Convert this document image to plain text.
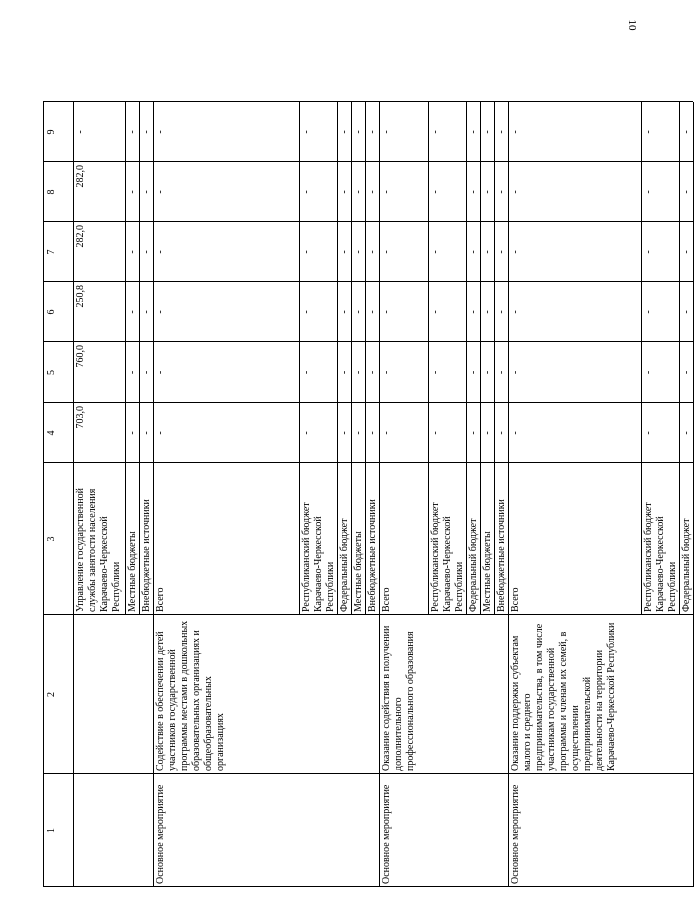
10
1
2
3
4
5
6
7
8
9
Управление государственной службы занятости населения Карачаево-Черкесской Республики
703,0
760,0
250,8
282,0
282,0
-
Местные бюджеты
-
-
-
-
-
-
Внебюджетные источники
-
-
-
-
-
-
Основное мероприятие
Содействие в обеспечении детей участников государственной программы местами в дошкольных образовательных организациях и общеобразовательных организациях
Всего
-
-
-
-
-
-
Республиканский бюджет Карачаево-Черкесской Республики
-
-
-
-
-
-
Федеральный бюджет
-
-
-
-
-
-
Местные бюджеты
-
-
-
-
-
-
Внебюджетные источники
-
-
-
-
-
-
Основное мероприятие
Оказание содействия в получении дополнительного профессионального образования
Всего
-
-
-
-
-
-
Республиканский бюджет Карачаево-Черкесской Республики
-
-
-
-
-
-
Федеральный бюджет
-
-
-
-
-
-
Местные бюджеты
-
-
-
-
-
-
Внебюджетные источники
-
-
-
-
-
-
Основное мероприятие
Оказание поддержки субъектам малого и среднего предпринимательства, в том числе участникам государственной программы и членам их семей, в осуществлении предпринимательской деятельности на территории Карачаево-Черкесской Республики
Всего
-
-
-
-
-
-
Республиканский бюджет Карачаево-Черкесской Республики
-
-
-
-
-
-
Федеральный бюджет
-
-
-
-
-
-
